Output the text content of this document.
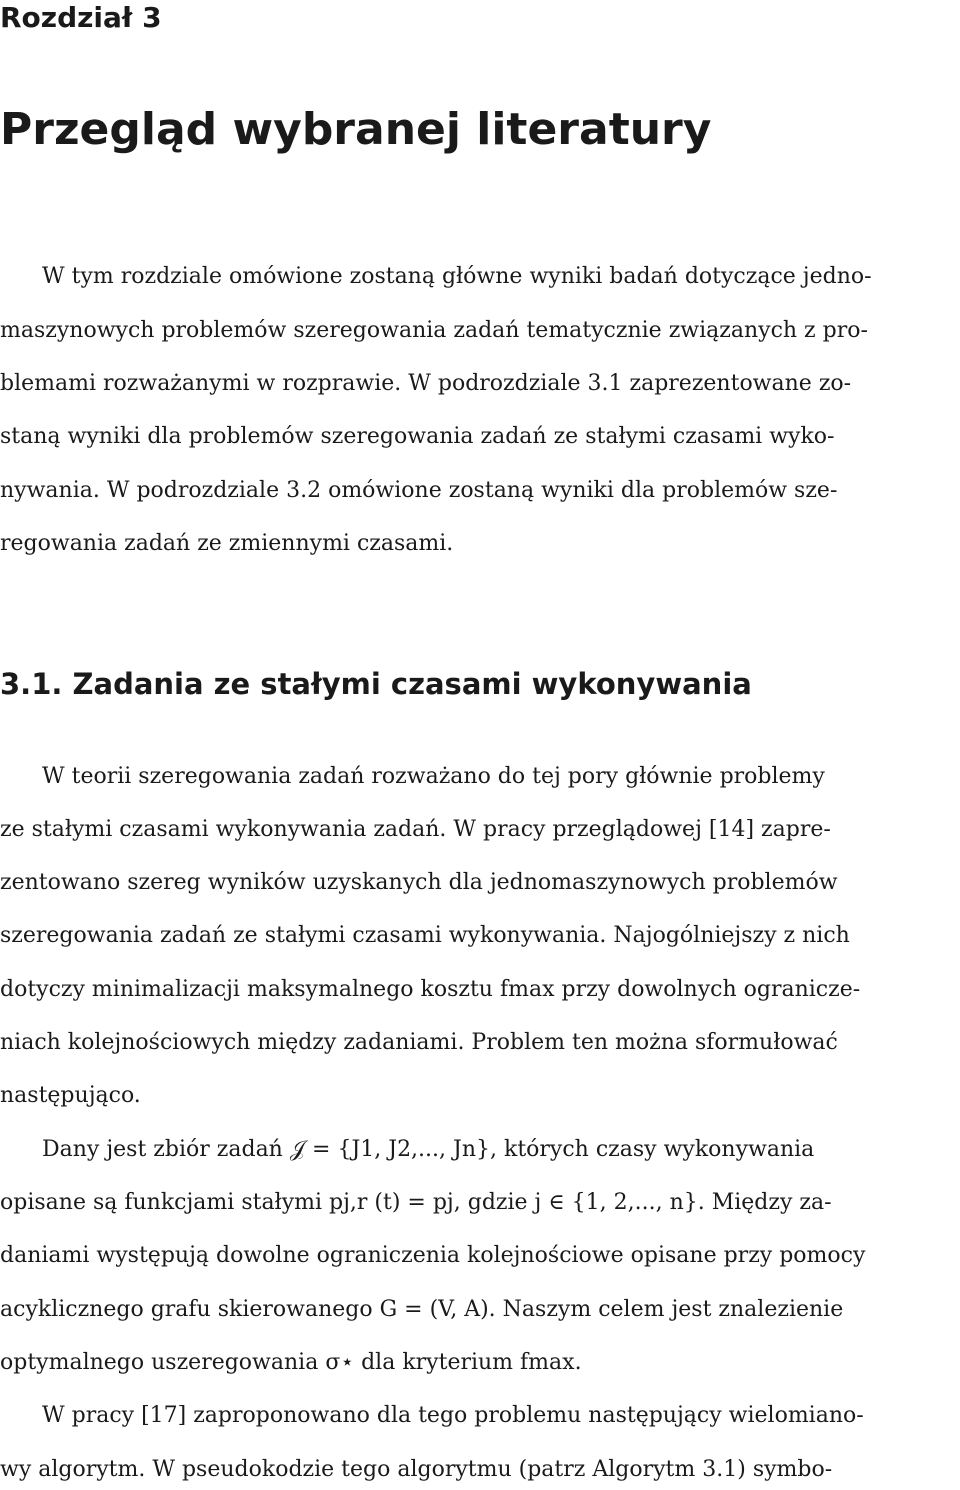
Rozdział 3
Przegląd wybranej literatury
W tym rozdziale omówione zostaną główne wyniki badań dotyczące jedno-
maszynowych problemów szeregowania zadań tematycznie związanych z pro-
blemami rozważanymi w rozprawie. W podrozdziale 3.1 zaprezentowane zo-
staną wyniki dla problemów szeregowania zadań ze stałymi czasami wyko-
nywania. W podrozdziale 3.2 omówione zostaną wyniki dla problemów sze-
regowania zadań ze zmiennymi czasami.
3.1. Zadania ze stałymi czasami wykonywania
W teorii szeregowania zadań rozważano do tej pory głównie problemy
ze stałymi czasami wykonywania zadań. W pracy przeglądowej [14] zapre-
zentowano szereg wyników uzyskanych dla jednomaszynowych problemów
szeregowania zadań ze stałymi czasami wykonywania. Najogólniejszy z nich
dotyczy minimalizacji maksymalnego kosztu fmax przy dowolnych ogranicze-
niach kolejnościowych między zadaniami. Problem ten można sformułować
następująco.
Dany jest zbiór zadań 𝒥 = {J1, J2,..., Jn}, których czasy wykonywania
opisane są funkcjami stałymi pj,r (t) = pj, gdzie j ∈ {1, 2,..., n}. Między za-
daniami występują dowolne ograniczenia kolejnościowe opisane przy pomocy
acyklicznego grafu skierowanego G = (V, A). Naszym celem jest znalezienie
optymalnego uszeregowania σ⋆ dla kryterium fmax.
W pracy [17] zaproponowano dla tego problemu następujący wielomiano-
wy algorytm. W pseudokodzie tego algorytmu (patrz Algorytm 3.1) symbo-
